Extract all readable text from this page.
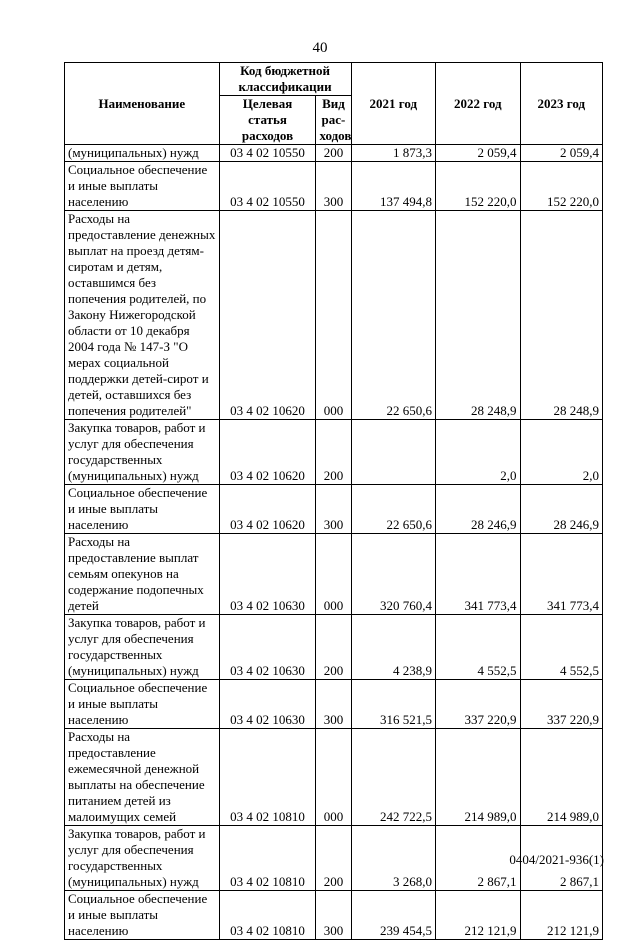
40
Наименование	Код бюджетной классификации		2021 год	2022 год	2023 год
	Целевая статья расходов	Вид рас-ходов			
(муниципальных) нужд	03 4 02 10550	200	1 873,3	2 059,4	2 059,4
Социальное обеспечение и иные выплаты населению	03 4 02 10550	300	137 494,8	152 220,0	152 220,0
Расходы на предоставление денежных выплат на проезд детям-сиротам и детям, оставшимся без попечения родителей, по Закону Нижегородской области от 10 декабря 2004 года № 147-З "О мерах социальной поддержки детей-сирот и детей, оставшихся без попечения родителей"	03 4 02 10620	000	22 650,6	28 248,9	28 248,9
Закупка товаров, работ и услуг для обеспечения государственных (муниципальных) нужд	03 4 02 10620	200		2,0	2,0
Социальное обеспечение и иные выплаты населению	03 4 02 10620	300	22 650,6	28 246,9	28 246,9
Расходы на предоставление выплат семьям опекунов на содержание подопечных детей	03 4 02 10630	000	320 760,4	341 773,4	341 773,4
Закупка товаров, работ и услуг для обеспечения государственных (муниципальных) нужд	03 4 02 10630	200	4 238,9	4 552,5	4 552,5
Социальное обеспечение и иные выплаты населению	03 4 02 10630	300	316 521,5	337 220,9	337 220,9
Расходы на предоставление ежемесячной денежной выплаты на обеспечение питанием детей из малоимущих семей	03 4 02 10810	000	242 722,5	214 989,0	214 989,0
Закупка товаров, работ и услуг для обеспечения государственных (муниципальных) нужд	03 4 02 10810	200	3 268,0	2 867,1	2 867,1
Социальное обеспечение и иные выплаты населению	03 4 02 10810	300	239 454,5	212 121,9	212 121,9
0404/2021-936(1)
